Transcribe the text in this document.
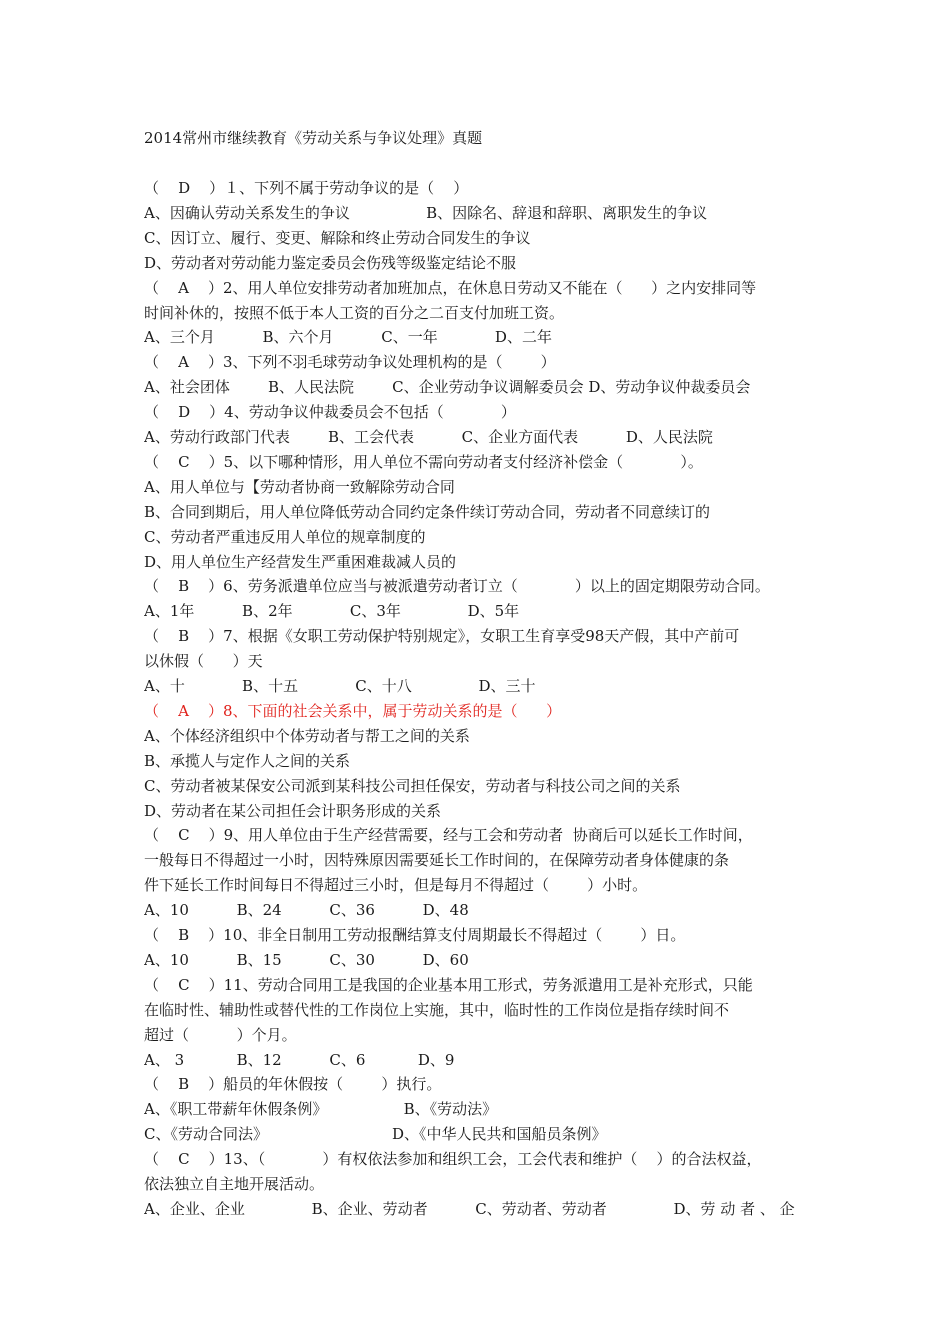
2014常州市继续教育《劳动关系与争议处理》真题
（    D    ）１、下列不属于劳动争议的是（    ）
A、因确认劳动关系发生的争议                B、因除名、辞退和辞职、离职发生的争议
C、因订立、履行、变更、解除和终止劳动合同发生的争议
D、劳动者对劳动能力鉴定委员会伤残等级鉴定结论不服
（    A    ）2、用人单位安排劳动者加班加点，在休息日劳动又不能在（      ）之内安排同等
时间补休的，按照不低于本人工资的百分之二百支付加班工资。
A、三个月          B、六个月          C、一年            D、二年
（    A    ）3、下列不羽毛球劳动争议处理机构的是（        ）
A、社会团体        B、人民法院        C、企业劳动争议调解委员会 D、劳动争议仲裁委员会
（    D    ）4、劳动争议仲裁委员会不包括（            ）
A、劳动行政部门代表        B、工会代表          C、企业方面代表          D、人民法院
（    C    ）5、以下哪种情形，用人单位不需向劳动者支付经济补偿金（            ）。
A、用人单位与【劳动者协商一致解除劳动合同
B、合同到期后，用人单位降低劳动合同约定条件续订劳动合同，劳动者不同意续订的
C、劳动者严重违反用人单位的规章制度的
D、用人单位生产经营发生严重困难裁减人员的
（    B    ）6、劳务派遣单位应当与被派遣劳动者订立（            ）以上的固定期限劳动合同。
A、1年          B、2年            C、3年              D、5年
（    B    ）7、根据《女职工劳动保护特别规定》，女职工生育享受98天产假，其中产前可
以休假（      ）天
A、十            B、十五            C、十八              D、三十
（    A    ）8、下面的社会关系中，属于劳动关系的是（      ）
A、个体经济组织中个体劳动者与帮工之间的关系
B、承揽人与定作人之间的关系
C、劳动者被某保安公司派到某科技公司担任保安，劳动者与科技公司之间的关系
D、劳动者在某公司担任会计职务形成的关系
（    C    ）9、用人单位由于生产经营需要，经与工会和劳动者  协商后可以延长工作时间，
一般每日不得超过一小时，因特殊原因需要延长工作时间的，在保障劳动者身体健康的条
件下延长工作时间每日不得超过三小时，但是每月不得超过（        ）小时。
A、10          B、24          C、36          D、48
（    B    ）10、非全日制用工劳动报酬结算支付周期最长不得超过（        ）日。
A、10          B、15          C、30          D、60
（    C    ）11、劳动合同用工是我国的企业基本用工形式，劳务派遣用工是补充形式，只能
在临时性、辅助性或替代性的工作岗位上实施，其中，临时性的工作岗位是指存续时间不
超过（          ）个月。
A、 3           B、12          C、6           D、9
（    B    ）船员的年休假按（        ）执行。
A、《职工带薪年休假条例》                B、《劳动法》
C、《劳动合同法》                          D、《中华人民共和国船员条例》
（    C    ）13、（            ）有权依法参加和组织工会，工会代表和维护（    ）的合法权益，
依法独立自主地开展活动。
A、企业、企业              B、企业、劳动者          C、劳动者、劳动者              D、劳 动 者 、 企
